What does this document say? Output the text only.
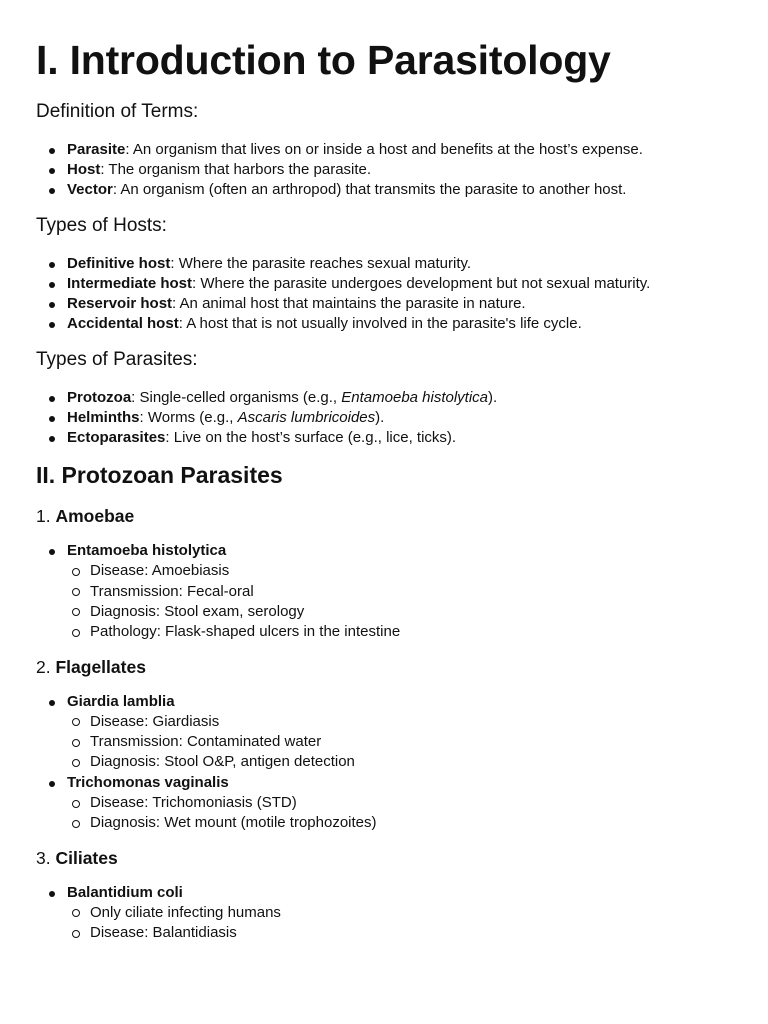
I. Introduction to Parasitology
Definition of Terms:
Parasite: An organism that lives on or inside a host and benefits at the host’s expense.
Host: The organism that harbors the parasite.
Vector: An organism (often an arthropod) that transmits the parasite to another host.
Types of Hosts:
Definitive host: Where the parasite reaches sexual maturity.
Intermediate host: Where the parasite undergoes development but not sexual maturity.
Reservoir host: An animal host that maintains the parasite in nature.
Accidental host: A host that is not usually involved in the parasite's life cycle.
Types of Parasites:
Protozoa: Single-celled organisms (e.g., Entamoeba histolytica).
Helminths: Worms (e.g., Ascaris lumbricoides).
Ectoparasites: Live on the host’s surface (e.g., lice, ticks).
II. Protozoan Parasites
1. Amoebae
Entamoeba histolytica
Disease: Amoebiasis
Transmission: Fecal-oral
Diagnosis: Stool exam, serology
Pathology: Flask-shaped ulcers in the intestine
2. Flagellates
Giardia lamblia
Disease: Giardiasis
Transmission: Contaminated water
Diagnosis: Stool O&P, antigen detection
Trichomonas vaginalis
Disease: Trichomoniasis (STD)
Diagnosis: Wet mount (motile trophozoites)
3. Ciliates
Balantidium coli
Only ciliate infecting humans
Disease: Balantidiasis
